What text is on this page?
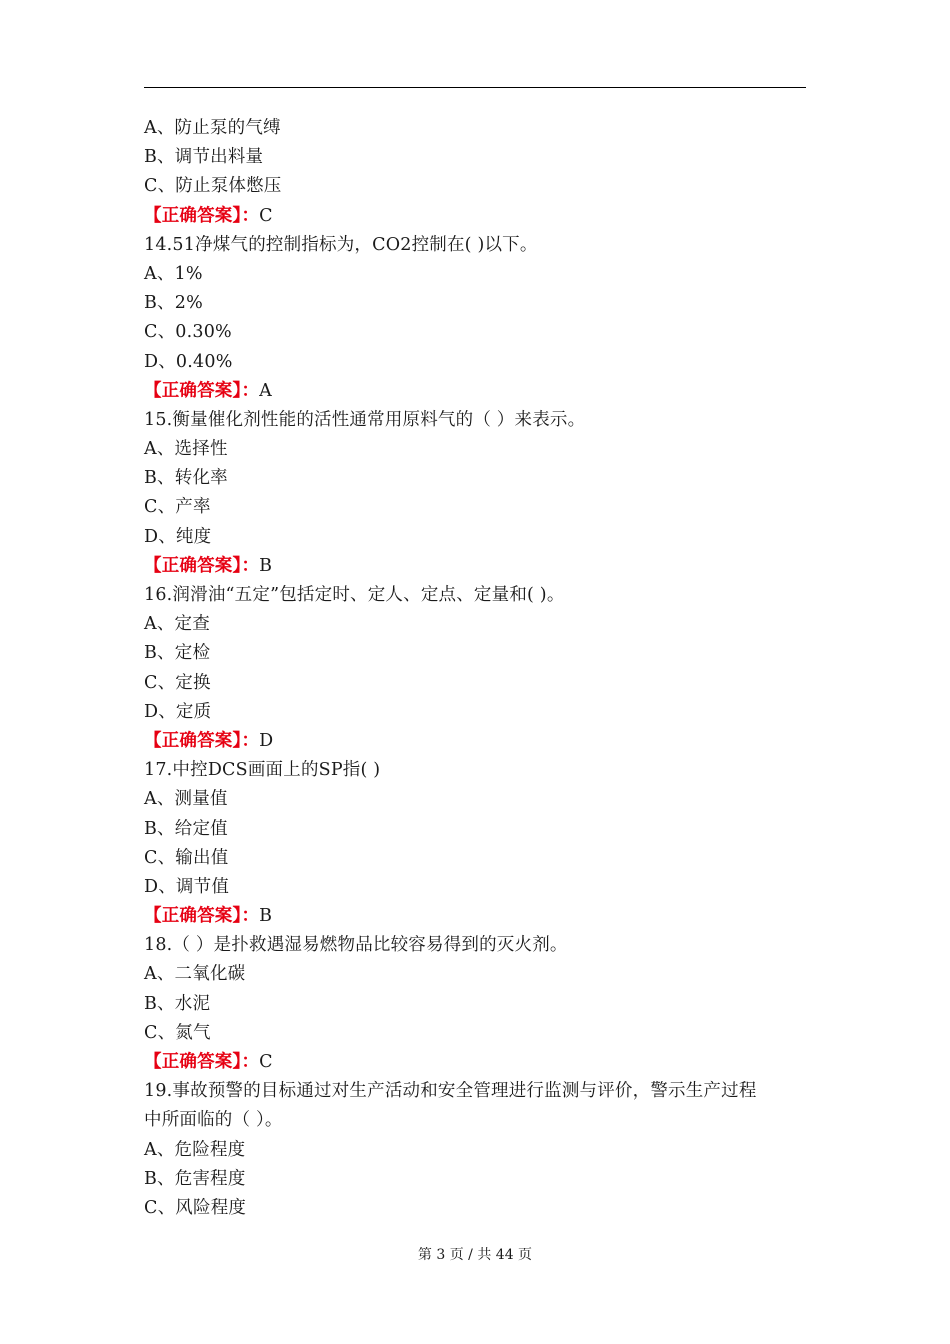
A、防止泵的气缚
B、调节出料量
C、防止泵体憋压
【正确答案】：C
14.51净煤气的控制指标为，CO2控制在( )以下。
A、1%
B、2%
C、0.30%
D、0.40%
【正确答案】：A
15.衡量催化剂性能的活性通常用原料气的（ ）来表示。
A、选择性
B、转化率
C、产率
D、纯度
【正确答案】：B
16.润滑油“五定”包括定时、定人、定点、定量和( )。
A、定查
B、定检
C、定换
D、定质
【正确答案】：D
17.中控DCS画面上的SP指( )
A、测量值
B、给定值
C、输出值
D、调节值
【正确答案】：B
18.（ ）是扑救遇湿易燃物品比较容易得到的灭火剂。
A、二氧化碳
B、水泥
C、氮气
【正确答案】：C
19.事故预警的目标通过对生产活动和安全管理进行监测与评价，警示生产过程
中所面临的（ ）。
A、危险程度
B、危害程度
C、风险程度
第 3 页 / 共 44 页
